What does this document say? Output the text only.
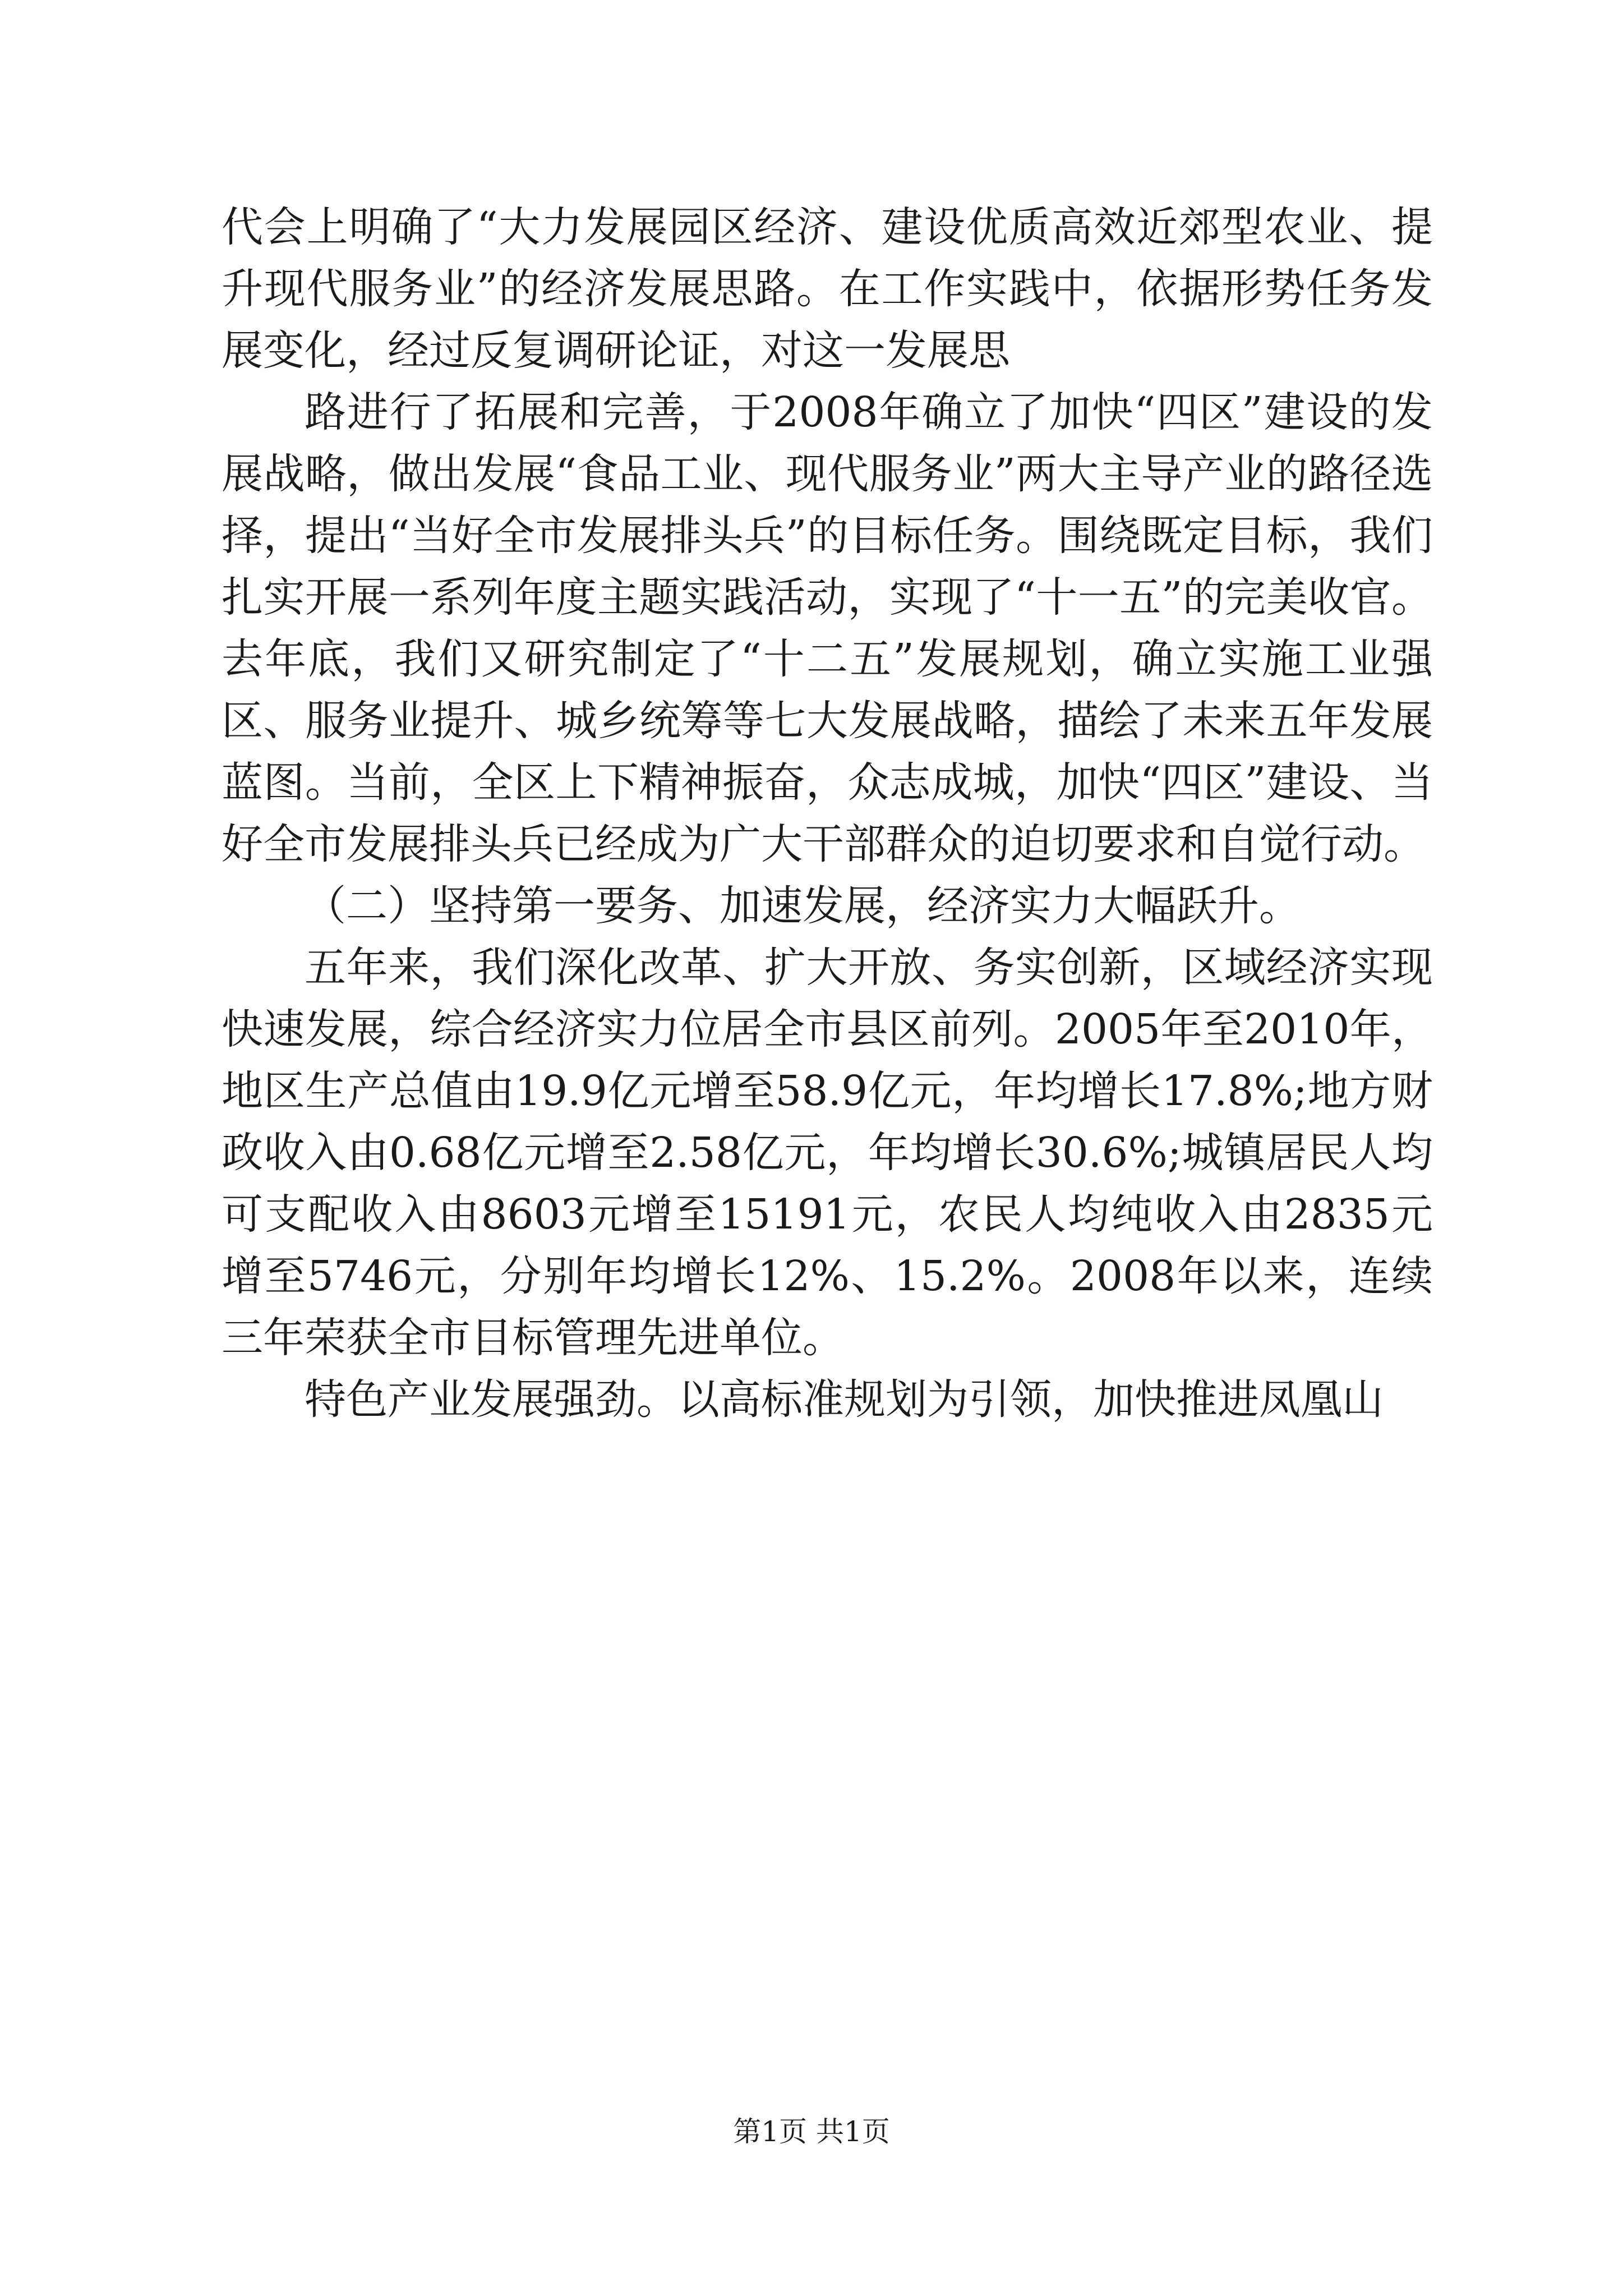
代会上明确了“大力发展园区经济、建设优质高效近郊型农业、提升现代服务业”的经济发展思路。在工作实践中，依据形势任务发展变化，经过反复调研论证，对这一发展思

路进行了拓展和完善，于2008年确立了加快“四区”建设的发展战略，做出发展“食品工业、现代服务业”两大主导产业的路径选择，提出“当好全市发展排头兵”的目标任务。围绕既定目标，我们扎实开展一系列年度主题实践活动，实现了“十一五”的完美收官。去年底，我们又研究制定了“十二五”发展规划，确立实施工业强区、服务业提升、城乡统筹等七大发展战略，描绘了未来五年发展蓝图。当前，全区上下精神振奋，众志成城，加快“四区”建设、当好全市发展排头兵已经成为广大干部群众的迫切要求和自觉行动。

（二）坚持第一要务、加速发展，经济实力大幅跃升。

五年来，我们深化改革、扩大开放、务实创新，区域经济实现快速发展，综合经济实力位居全市县区前列。2005年至2010年，地区生产总值由19.9亿元增至58.9亿元，年均增长17.8%;地方财政收入由0.68亿元增至2.58亿元，年均增长30.6%;城镇居民人均可支配收入由8603元增至15191元，农民人均纯收入由2835元增至5746元，分别年均增长12%、15.2%。2008年以来，连续三年荣获全市目标管理先进单位。

特色产业发展强劲。以高标准规划为引领，加快推进凤凰山

第1页 共1页
